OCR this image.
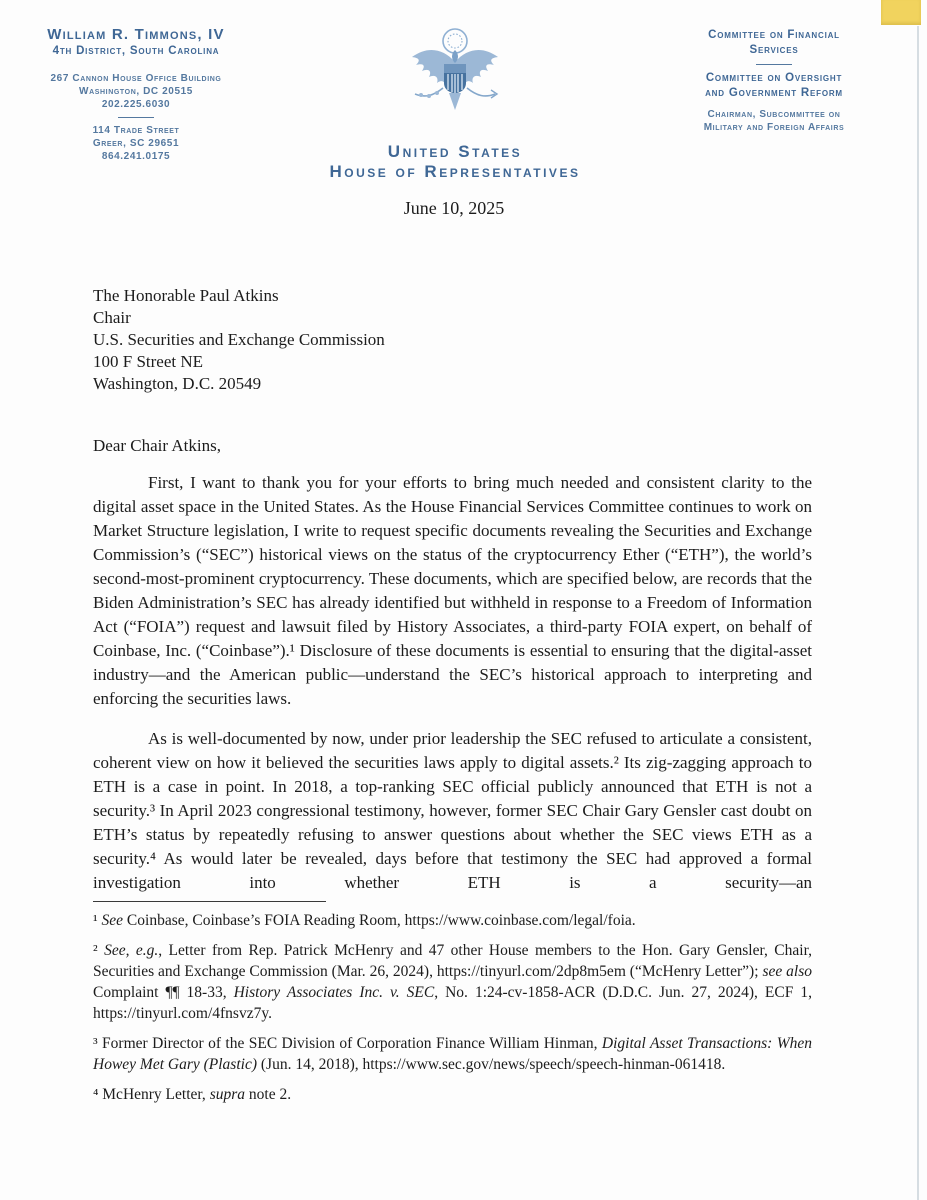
William R. Timmons, IV
4th District, South Carolina
267 Cannon House Office Building
Washington, DC 20515
202.225.6030
114 Trade Street
Greer, SC 29651
864.241.0175	United States
House of Representatives
Committee on Financial
Services
Committee on Oversight
and Government Reform
Chairman, Subcommittee on
Military and Foreign Affairs
June 10, 2025
The Honorable Paul Atkins
Chair
U.S. Securities and Exchange Commission
100 F Street NE
Washington, D.C. 20549

Dear Chair Atkins,

First, I want to thank you for your efforts to bring much needed and consistent clarity to the digital asset space in the United States. As the House Financial Services Committee continues to work on Market Structure legislation, I write to request specific documents revealing the Securities and Exchange Commission’s (“SEC”) historical views on the status of the cryptocurrency Ether (“ETH”), the world’s second-most-prominent cryptocurrency. These documents, which are specified below, are records that the Biden Administration’s SEC has already identified but withheld in response to a Freedom of Information Act (“FOIA”) request and lawsuit filed by History Associates, a third-party FOIA expert, on behalf of Coinbase, Inc. (“Coinbase”).¹ Disclosure of these documents is essential to ensuring that the digital-asset industry—and the American public—understand the SEC’s historical approach to interpreting and enforcing the securities laws.

As is well-documented by now, under prior leadership the SEC refused to articulate a consistent, coherent view on how it believed the securities laws apply to digital assets.² Its zig-zagging approach to ETH is a case in point. In 2018, a top-ranking SEC official publicly announced that ETH is not a security.³ In April 2023 congressional testimony, however, former SEC Chair Gary Gensler cast doubt on ETH’s status by repeatedly refusing to answer questions about whether the SEC views ETH as a security.⁴ As would later be revealed, days before that testimony the SEC had approved a formal investigation into whether ETH is a security—an

¹ See Coinbase, Coinbase’s FOIA Reading Room, https://www.coinbase.com/legal/foia.

² See, e.g., Letter from Rep. Patrick McHenry and 47 other House members to the Hon. Gary Gensler, Chair, Securities and Exchange Commission (Mar. 26, 2024), https://tinyurl.com/2dp8m5em (“McHenry Letter”); see also Complaint ¶¶ 18-33, History Associates Inc. v. SEC, No. 1:24-cv-1858-ACR (D.D.C. Jun. 27, 2024), ECF 1, https://tinyurl.com/4fnsvz7y.

³ Former Director of the SEC Division of Corporation Finance William Hinman, Digital Asset Transactions: When Howey Met Gary (Plastic) (Jun. 14, 2018), https://www.sec.gov/news/speech/speech-hinman-061418.

⁴ McHenry Letter, supra note 2.
